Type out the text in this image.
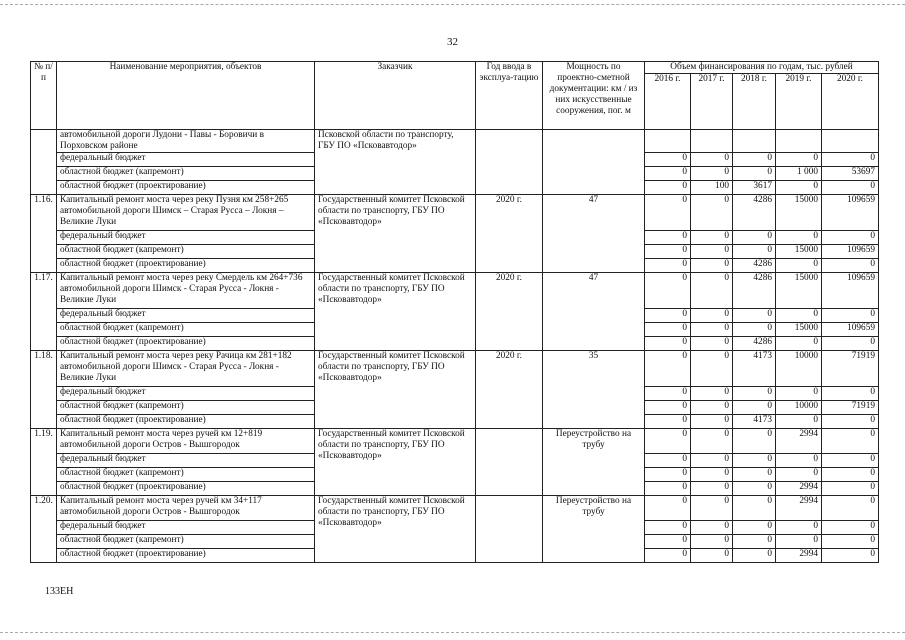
32
№ п/п	Наименование мероприятия, объектов	Заказчик	Год ввода в эксплуа-тацию	Мощность по проектно-сметной документации: км / из них искусственные сооружения, пог. м	Объем финансирования по годам, тыс. рублей				
					2016 г.	2017 г.	2018 г.	2019 г.	2020 г.
	автомобильной дороги Лудони - Павы - Боровичи в Порховском районе	Псковской области по транспорту, ГБУ ПО «Псковавтодор»							
	федеральный бюджет				0	0	0	0	0
	областной бюджет (капремонт)				0	0	0	1 000	53697
	областной бюджет (проектирование)				0	100	3617	0	0
1.16.	Капитальный ремонт моста через реку Пузня км 258+265 автомобильной дороги Шимск – Старая Русса – Локня – Великие Луки	Государственный комитет Псковской области по транспорту, ГБУ ПО «Псковавтодор»	2020 г.	47	0	0	4286	15000	109659
	федеральный бюджет				0	0	0	0	0
	областной бюджет (капремонт)				0	0	0	15000	109659
	областной бюджет (проектирование)				0	0	4286	0	0
1.17.	Капитальный ремонт моста через реку Смердель км 264+736 автомобильной дороги Шимск - Старая Русса - Локня - Великие Луки	Государственный комитет Псковской области по транспорту, ГБУ ПО «Псковавтодор»	2020 г.	47	0	0	4286	15000	109659
	федеральный бюджет				0	0	0	0	0
	областной бюджет (капремонт)				0	0	0	15000	109659
	областной бюджет (проектирование)				0	0	4286	0	0
1.18.	Капитальный ремонт моста через реку Рачица км 281+182 автомобильной дороги Шимск - Старая Русса - Локня - Великие Луки	Государственный комитет Псковской области по транспорту, ГБУ ПО «Псковавтодор»	2020 г.	35	0	0	4173	10000	71919
	федеральный бюджет				0	0	0	0	0
	областной бюджет (капремонт)				0	0	0	10000	71919
	областной бюджет (проектирование)				0	0	4173	0	0
1.19.	Капитальный ремонт моста через ручей км 12+819 автомобильной дороги Остров - Вышгородок	Государственный комитет Псковской области по транспорту, ГБУ ПО «Псковавтодор»		Переустройство на трубу	0	0	0	2994	0
	федеральный бюджет				0	0	0	0	0
	областной бюджет (капремонт)				0	0	0	0	0
	областной бюджет (проектирование)				0	0	0	2994	0
1.20.	Капитальный ремонт моста через ручей км 34+117 автомобильной дороги Остров - Вышгородок	Государственный комитет Псковской области по транспорту, ГБУ ПО «Псковавтодор»		Переустройство на трубу	0	0	0	2994	0
	федеральный бюджет				0	0	0	0	0
	областной бюджет (капремонт)				0	0	0	0	0
	областной бюджет (проектирование)				0	0	0	2994	0
133ЕН
